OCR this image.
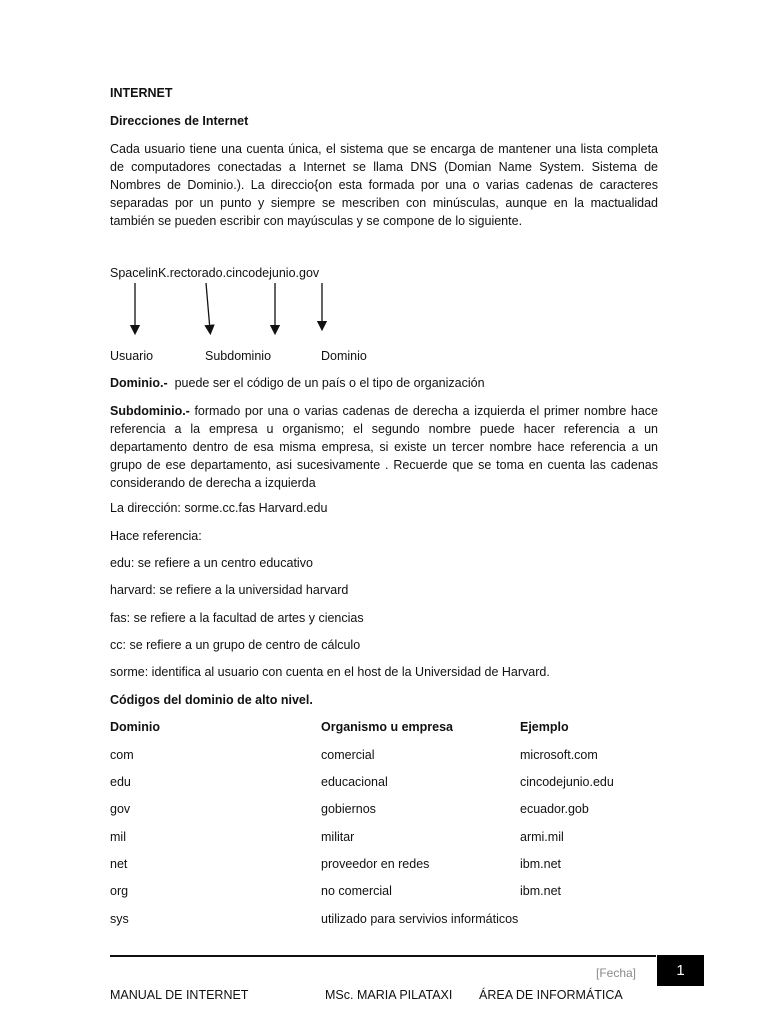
INTERNET
Direcciones de Internet

Cada usuario tiene una cuenta única, el sistema que se encarga de mantener una lista completa de computadores conectadas a Internet se llama DNS (Domian Name System. Sistema de Nombres de Dominio.). La direccio{on esta formada por una o varias cadenas de caracteres separadas por un punto y siempre se mescriben con minúsculas, aunque en la mactualidad también se pueden escribir con mayúsculas y se compone de lo siguiente.

SpacelinK.rectorado.cincodejunio.gov
Usuario	Subdominio	Dominio
Dominio.-  puede ser el código de un país o el tipo de organización

Subdominio.- formado por una o varias cadenas de derecha a izquierda el primer nombre hace referencia a la empresa u organismo; el segundo nombre puede hacer referencia a un departamento dentro de esa misma empresa, si existe un tercer nombre hace referencia a un grupo de ese departamento, asi sucesivamente . Recuerde que se toma en cuenta las cadenas considerando de derecha a izquierda

La dirección: sorme.cc.fas Harvard.edu
Hace referencia:
edu: se refiere a un centro educativo
harvard: se refiere a la universidad harvard
fas: se refiere a la facultad de artes y ciencias
cc: se refiere a un grupo de centro de cálculo
sorme: identifica al usuario con cuenta en el host de la Universidad de Harvard.
Códigos del dominio de alto nivel.
Dominio	Organismo u empresa	Ejemplo
com	comercial	microsoft.com
edu	educacional	cincodejunio.edu
gov	gobiernos	ecuador.gob
mil	militar	armi.mil
net	proveedor en redes	ibm.net
org	no comercial	ibm.net
sys	utilizado para servivios informáticos
[Fecha]	1
MANUAL DE INTERNET	MSc. MARIA PILATAXI ÁREA DE INFORMÁTICA
